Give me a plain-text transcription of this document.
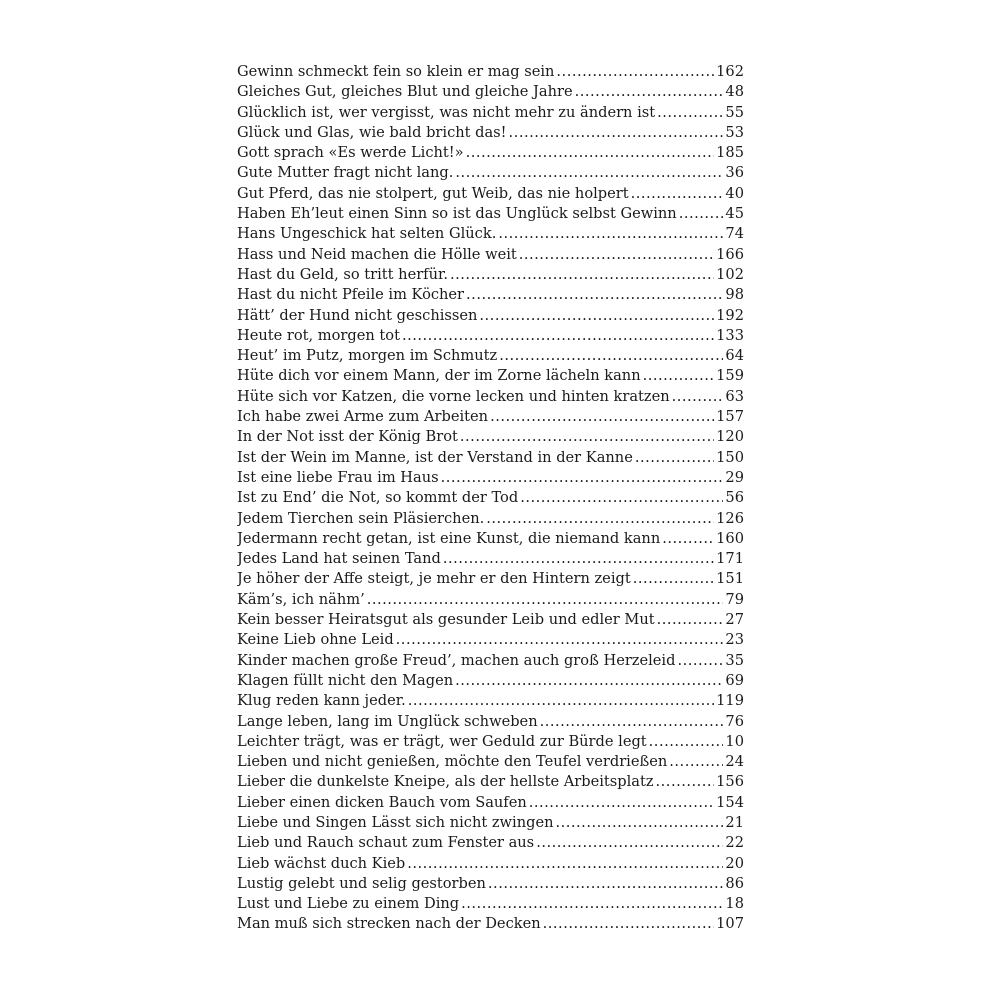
Gewinn schmeckt fein so klein er mag sein .....	162
Gleiches Gut, gleiches Blut und gleiche Jahre .....	48
Glücklich ist, wer vergisst, was nicht mehr zu ändern ist .....	55
Glück und Glas, wie bald bricht das! .....	53
Gott sprach «Es werde Licht!» .....	185
Gute Mutter fragt nicht lang. .....	36
Gut Pferd, das nie stolpert, gut Weib, das nie holpert .....	40
Haben Eh’leut einen Sinn so ist das Unglück selbst Gewinn .....	45
Hans Ungeschick hat selten Glück. .....	74
Hass und Neid machen die Hölle weit .....	166
Hast du Geld, so tritt herfür. .....	102
Hast du nicht Pfeile im Köcher .....	98
Hätt’ der Hund nicht geschissen .....	192
Heute rot, morgen tot .....	133
Heut’ im Putz, morgen im Schmutz .....	64
Hüte dich vor einem Mann, der im Zorne lächeln kann .....	159
Hüte sich vor Katzen, die vorne lecken und hinten kratzen .....	63
Ich habe zwei Arme zum Arbeiten .....	157
In der Not isst der König Brot .....	120
Ist der Wein im Manne, ist der Verstand in der Kanne .....	150
Ist eine liebe Frau im Haus .....	29
Ist zu End’ die Not, so kommt der Tod .....	56
Jedem Tierchen sein Pläsierchen. .....	126
Jedermann recht getan, ist eine Kunst, die niemand kann .....	160
Jedes Land hat seinen Tand .....	171
Je höher der Affe steigt, je mehr er den Hintern zeigt .....	151
Käm’s, ich nähm’ .....	79
Kein besser Heiratsgut als gesunder Leib und edler Mut .....	27
Keine Lieb ohne Leid .....	23
Kinder machen große Freud’, machen auch groß Herzeleid .....	35
Klagen füllt nicht den Magen .....	69
Klug reden kann jeder. .....	119
Lange leben, lang im Unglück schweben .....	76
Leichter trägt, was er trägt, wer Geduld zur Bürde legt .....	10
Lieben und nicht genießen, möchte den Teufel verdrießen .....	24
Lieber die dunkelste Kneipe, als der hellste Arbeitsplatz .....	156
Lieber einen dicken Bauch vom Saufen .....	154
Liebe und Singen Lässt sich nicht zwingen .....	21
Lieb und Rauch schaut zum Fenster aus .....	22
Lieb wächst duch Kieb .....	20
Lustig gelebt und selig gestorben .....	86
Lust und Liebe zu einem Ding .....	18
Man muß sich strecken nach der Decken .....	107
